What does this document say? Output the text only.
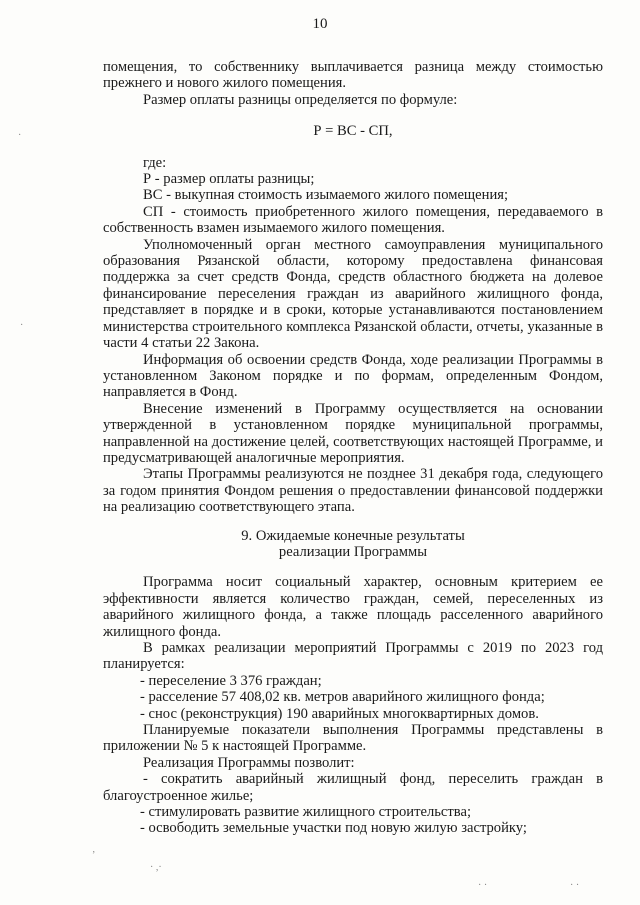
10

помещения, то собственнику выплачивается разница между стоимостью прежнего и нового жилого помещения.

Размер оплаты разницы определяется по формуле:

Р = ВС - СП,

где:

Р - размер оплаты разницы;

ВС - выкупная стоимость изымаемого жилого помещения;

СП - стоимость приобретенного жилого помещения, передаваемого в собственность взамен изымаемого жилого помещения.

Уполномоченный орган местного самоуправления муниципального образования Рязанской области, которому предоставлена финансовая поддержка за счет средств Фонда, средств областного бюджета на долевое финансирование переселения граждан из аварийного жилищного фонда, представляет в порядке и в сроки, которые устанавливаются постановлением министерства строительного комплекса Рязанской области, отчеты, указанные в части 4 статьи 22 Закона.

Информация об освоении средств Фонда, ходе реализации Программы в установленном Законом порядке и по формам, определенным Фондом, направляется в Фонд.

Внесение изменений в Программу осуществляется на основании утвержденной в установленном порядке муниципальной программы, направленной на достижение целей, соответствующих настоящей Программе, и предусматривающей аналогичные мероприятия.

Этапы Программы реализуются не позднее 31 декабря года, следующего за годом принятия Фондом решения о предоставлении финансовой поддержки на реализацию соответствующего этапа.

9. Ожидаемые конечные результаты
реализации Программы

Программа носит социальный характер, основным критерием ее эффективности является количество граждан, семей, переселенных из аварийного жилищного фонда, а также площадь расселенного аварийного жилищного фонда.

В рамках реализации мероприятий Программы с 2019 по 2023 год планируется:

- переселение 3 376 граждан;

- расселение 57 408,02 кв. метров аварийного жилищного фонда;

- снос (реконструкция) 190 аварийных многоквартирных домов.

Планируемые показатели выполнения Программы представлены в приложении № 5 к настоящей Программе.

Реализация Программы позволит:

- сократить аварийный жилищный фонд, переселить граждан в благоустроенное жилье;

- стимулировать развитие жилищного строительства;

- освободить земельные участки под новую жилую застройку;

·
·
ʼ
· ,·
· ·	· ·
